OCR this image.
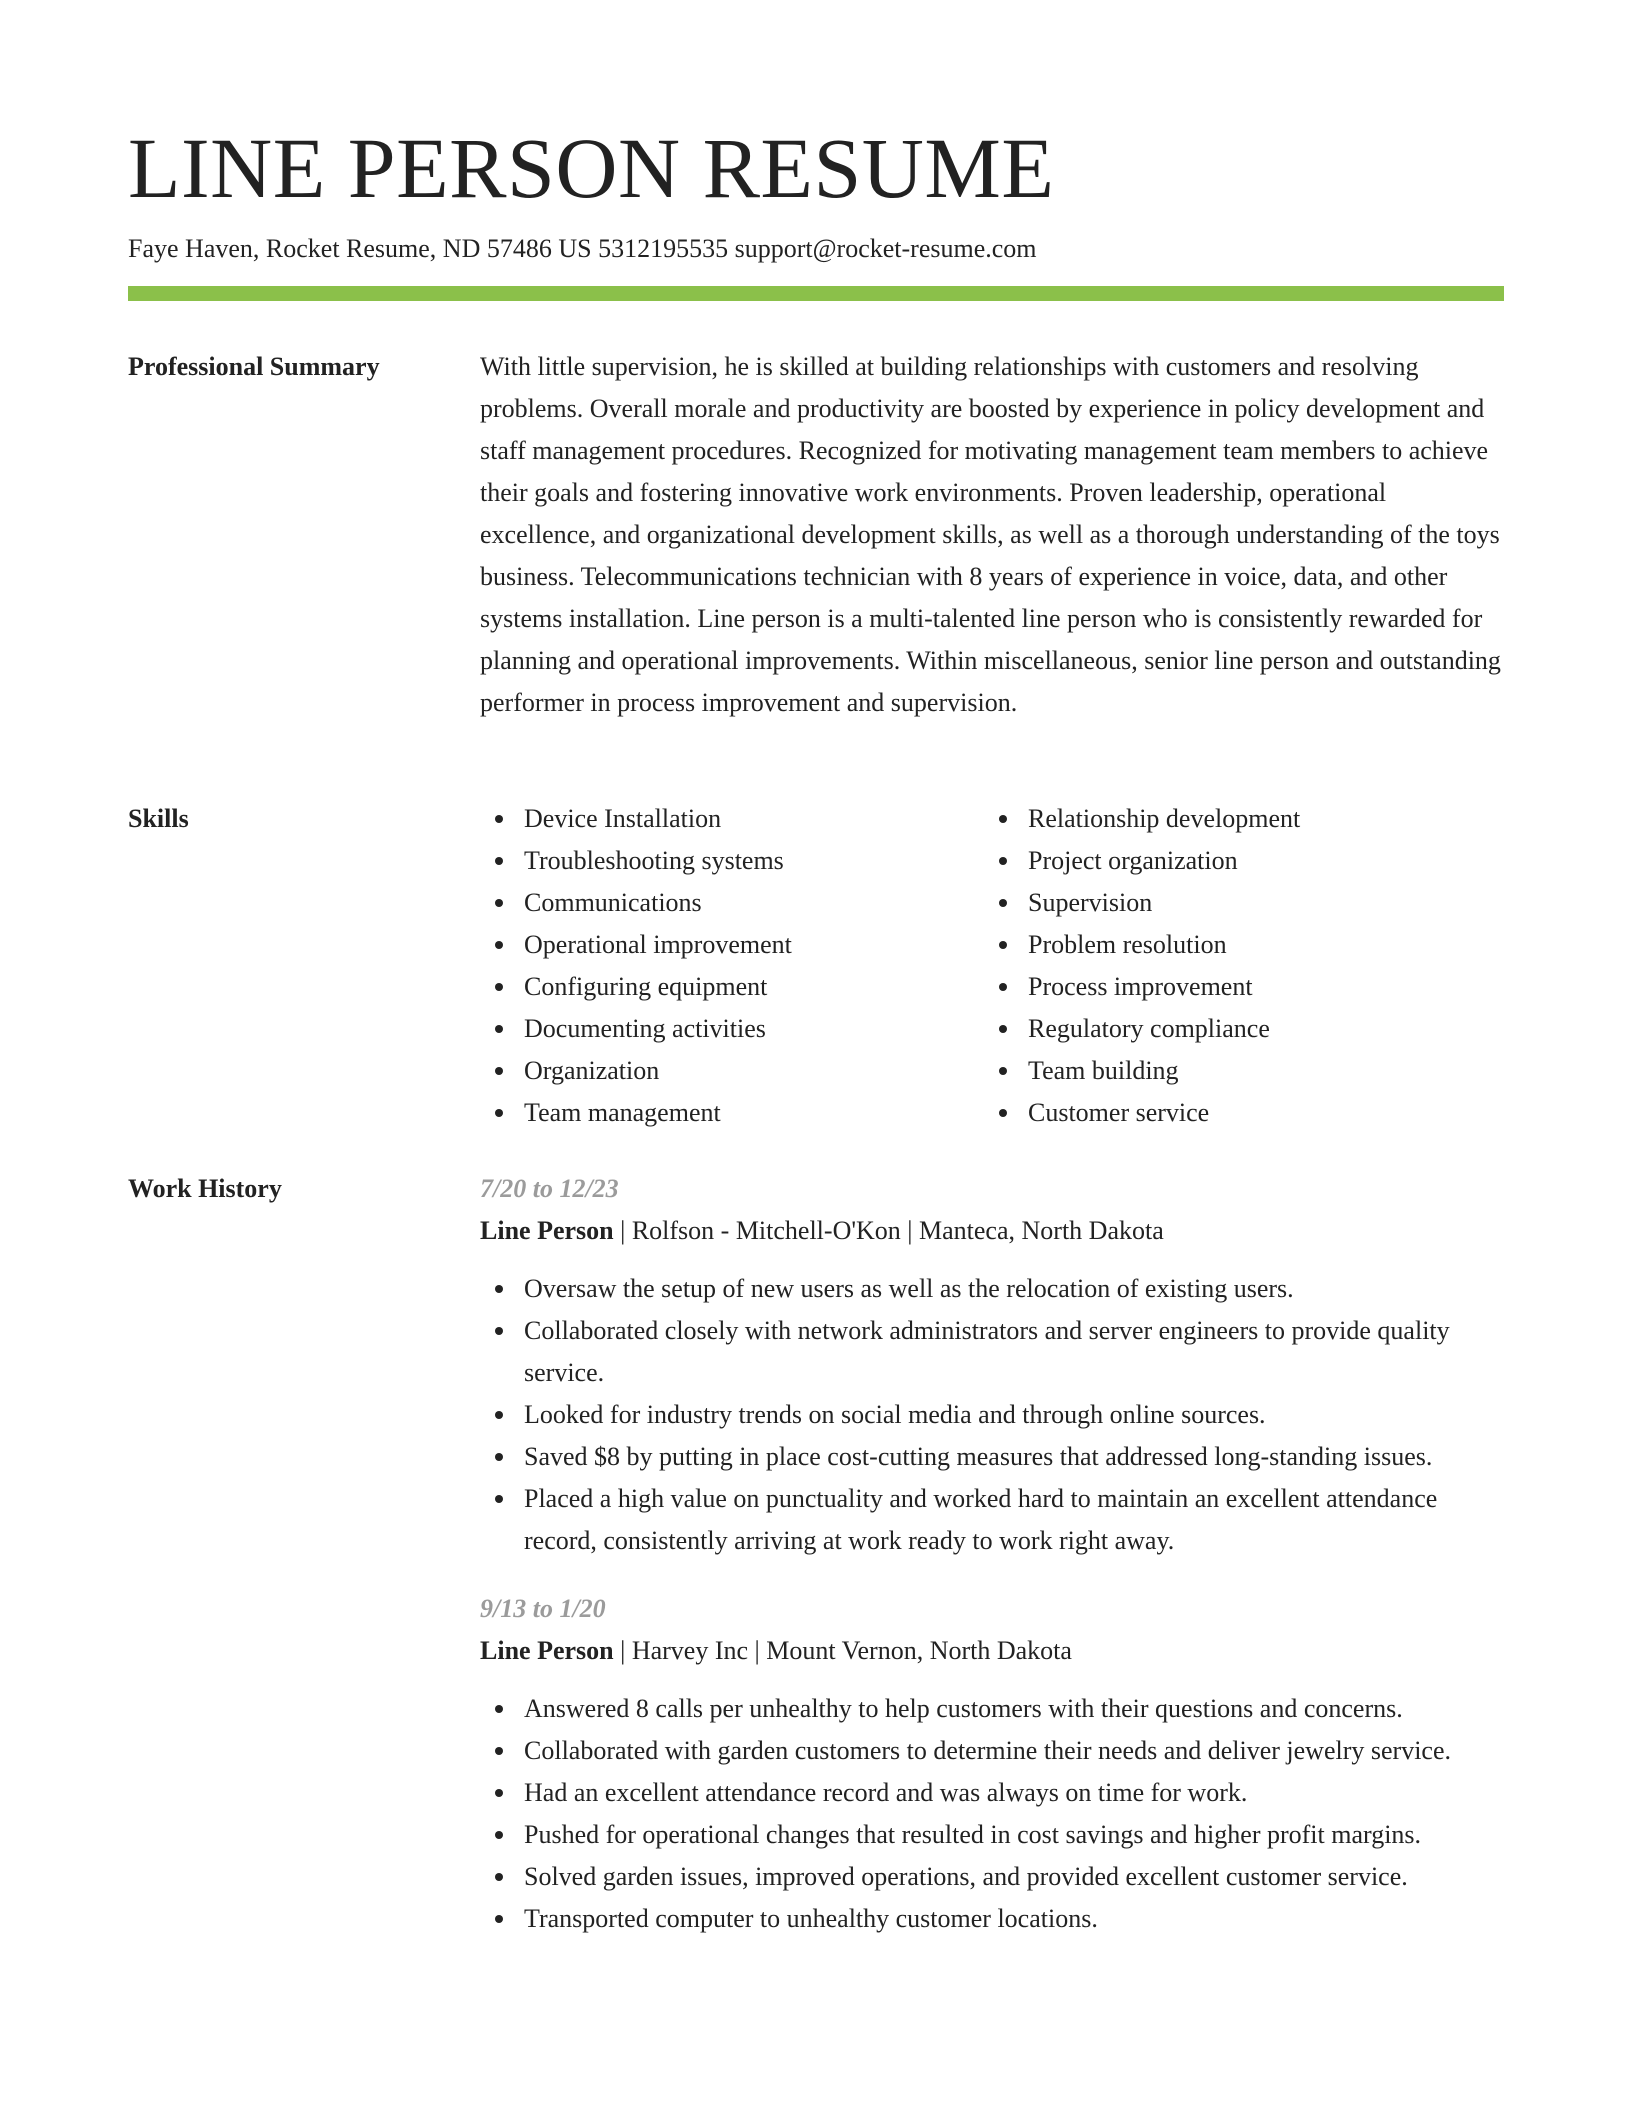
LINE PERSON RESUME
Faye Haven, Rocket Resume, ND 57486 US 5312195535 support@rocket-resume.com
Professional Summary	With little supervision, he is skilled at building relationships with customers and resolving problems. Overall morale and productivity are boosted by experience in policy development and staff management procedures. Recognized for motivating management team members to achieve their goals and fostering innovative work environments. Proven leadership, operational excellence, and organizational development skills, as well as a thorough understanding of the toys business. Telecommunications technician with 8 years of experience in voice, data, and other systems installation. Line person is a multi-talented line person who is consistently rewarded for planning and operational improvements. Within miscellaneous, senior line person and outstanding performer in process improvement and supervision.

Skills	Device Installation
Troubleshooting systems
Communications
Operational improvement
Configuring equipment
Documenting activities
Organization
Team management
Relationship development
Project organization
Supervision
Problem resolution
Process improvement
Regulatory compliance
Team building
Customer service
Work History	7/20 to 12/23
Line Person | Rolfson - Mitchell-O'Kon | Manteca, North Dakota
Oversaw the setup of new users as well as the relocation of existing users.
Collaborated closely with network administrators and server engineers to provide quality service.
Looked for industry trends on social media and through online sources.
Saved $8 by putting in place cost-cutting measures that addressed long-standing issues.
Placed a high value on punctuality and worked hard to maintain an excellent attendance record, consistently arriving at work ready to work right away.
9/13 to 1/20
Line Person | Harvey Inc | Mount Vernon, North Dakota
Answered 8 calls per unhealthy to help customers with their questions and concerns.
Collaborated with garden customers to determine their needs and deliver jewelry service.
Had an excellent attendance record and was always on time for work.
Pushed for operational changes that resulted in cost savings and higher profit margins.
Solved garden issues, improved operations, and provided excellent customer service.
Transported computer to unhealthy customer locations.
